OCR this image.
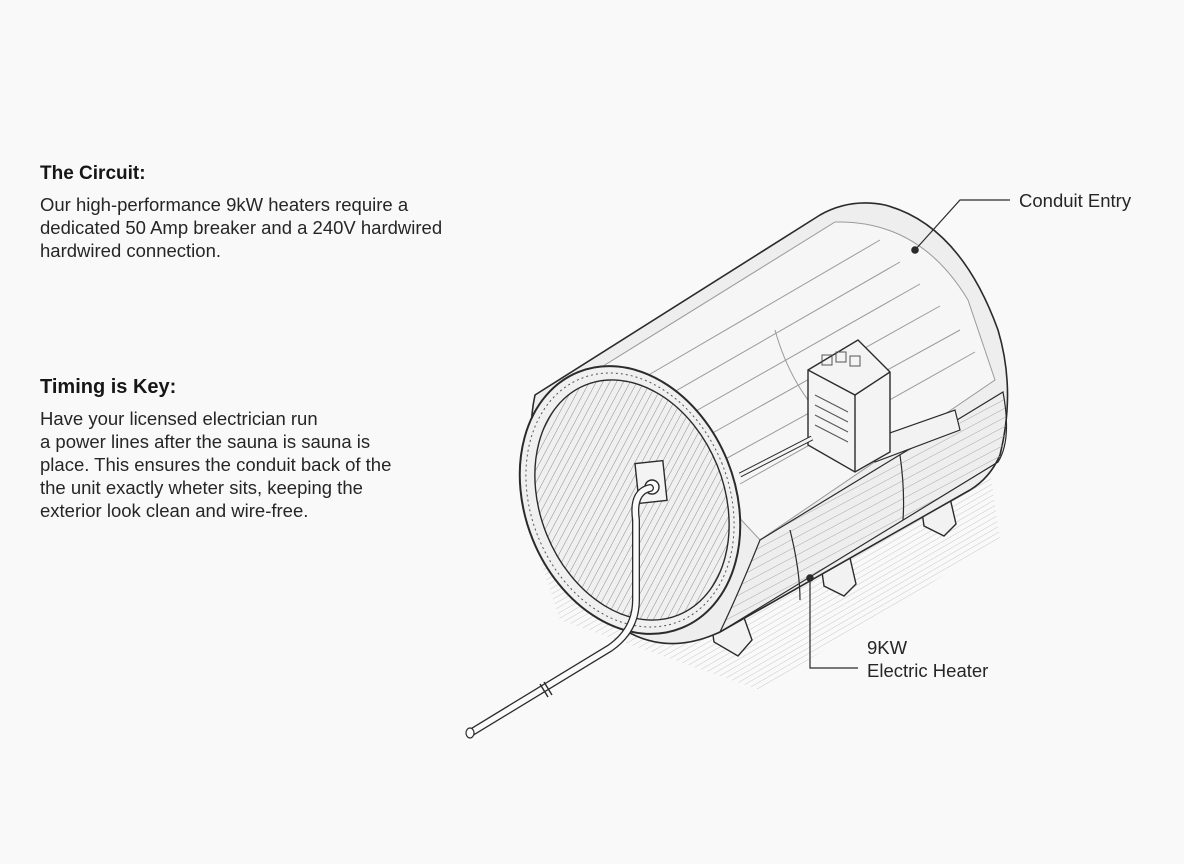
The Circuit:

Our high-performance 9kW heaters require a
dedicated 50 Amp breaker and a 240V hardwired
hardwired connection.

Timing is Key:

Have your licensed electrician run
a power lines after the sauna is sauna is
place. This ensures the conduit back of the
the unit exactly wheter sits, keeping the
exterior look clean and wire-free.

Conduit Entry

9KW
Electric Heater
